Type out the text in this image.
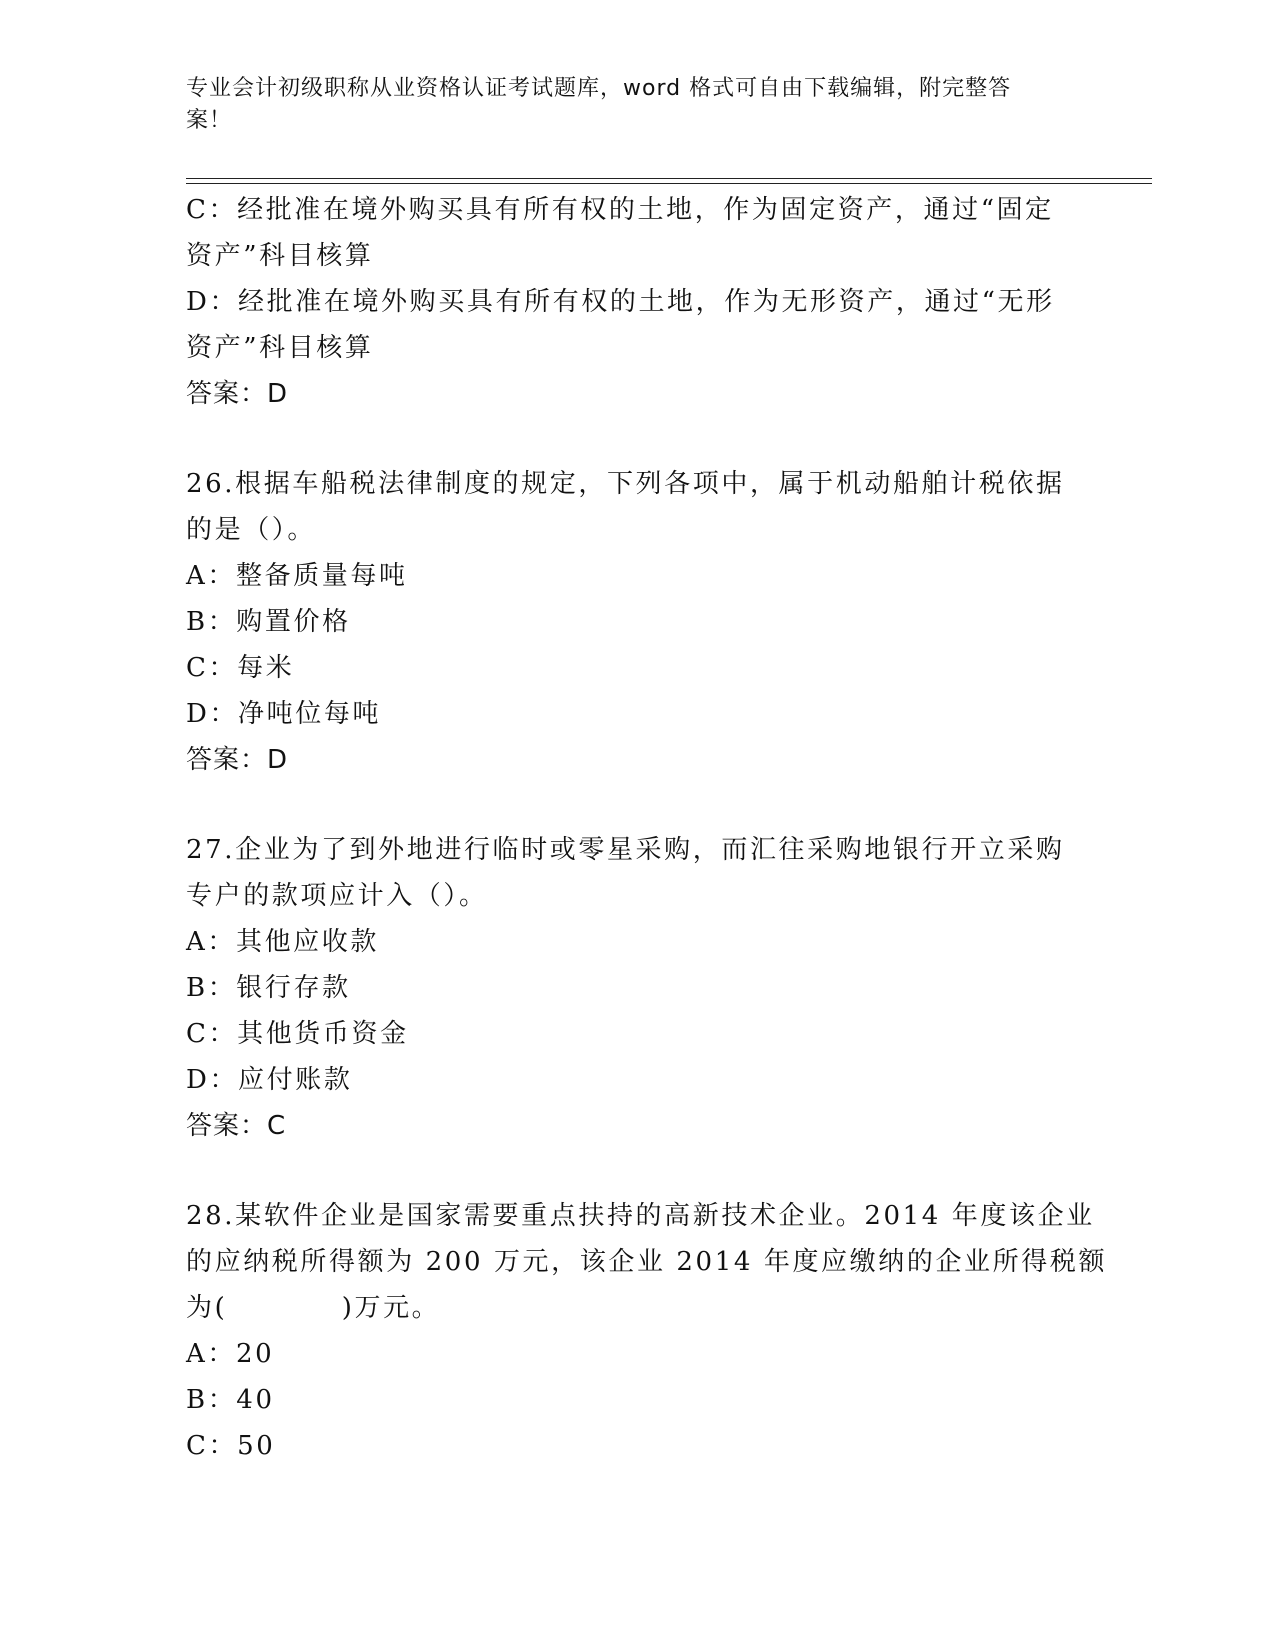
专业会计初级职称从业资格认证考试题库，word 格式可自由下载编辑，附完整答
案！
C：经批准在境外购买具有所有权的土地，作为固定资产，通过“固定
资产”科目核算
D：经批准在境外购买具有所有权的土地，作为无形资产，通过“无形
资产”科目核算
答案：D
26.根据车船税法律制度的规定，下列各项中，属于机动船舶计税依据
的是（）。
A：整备质量每吨
B：购置价格
C：每米
D：净吨位每吨
答案：D
27.企业为了到外地进行临时或零星采购，而汇往采购地银行开立采购
专户的款项应计入（）。
A：其他应收款
B：银行存款
C：其他货币资金
D：应付账款
答案：C
28.某软件企业是国家需要重点扶持的高新技术企业。2014 年度该企业
的应纳税所得额为 200 万元，该企业 2014 年度应缴纳的企业所得税额
为(　　　　)万元。
A：20
B：40
C：50
